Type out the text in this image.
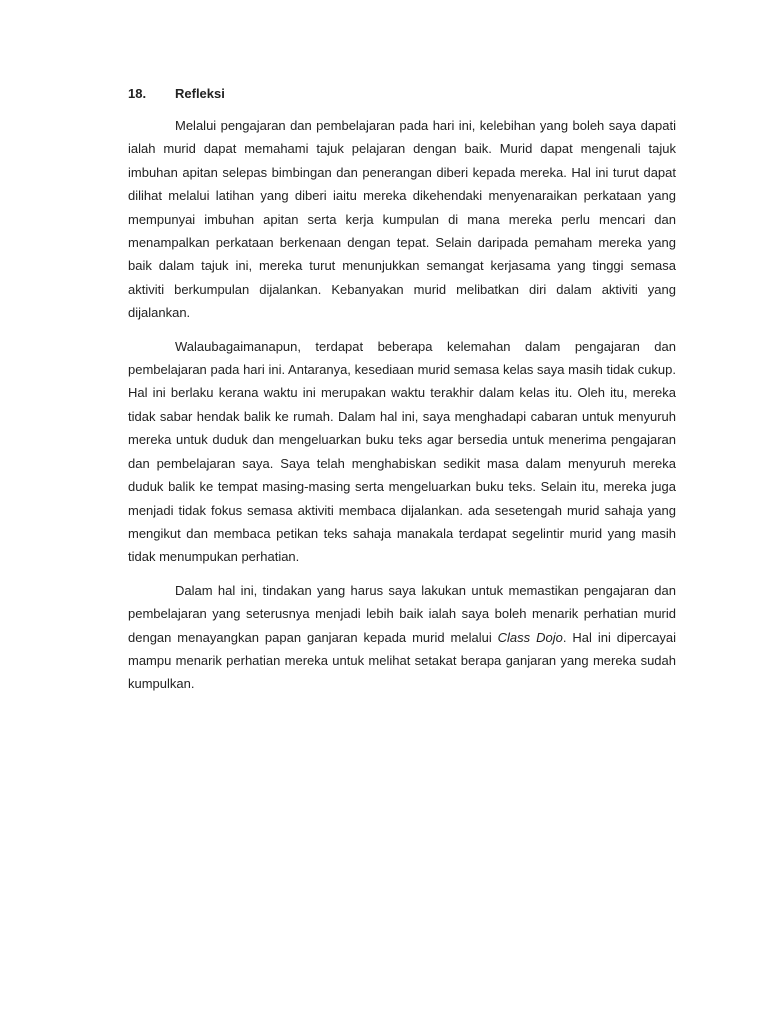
18.	Refleksi

Melalui pengajaran dan pembelajaran pada hari ini, kelebihan yang boleh saya dapati ialah murid dapat memahami tajuk pelajaran dengan baik. Murid dapat mengenali tajuk imbuhan apitan selepas bimbingan dan penerangan diberi kepada mereka. Hal ini turut dapat dilihat melalui latihan yang diberi iaitu mereka dikehendaki menyenaraikan perkataan yang mempunyai imbuhan apitan serta kerja kumpulan di mana mereka perlu mencari dan menampalkan perkataan berkenaan dengan tepat. Selain daripada pemaham mereka yang baik dalam tajuk ini, mereka turut menunjukkan semangat kerjasama yang tinggi semasa aktiviti berkumpulan dijalankan. Kebanyakan murid melibatkan diri dalam aktiviti yang dijalankan.

Walaubagaimanapun, terdapat beberapa kelemahan dalam pengajaran dan pembelajaran pada hari ini. Antaranya, kesediaan murid semasa kelas saya masih tidak cukup. Hal ini berlaku kerana waktu ini merupakan waktu terakhir dalam kelas itu. Oleh itu, mereka tidak sabar hendak balik ke rumah. Dalam hal ini, saya menghadapi cabaran untuk menyuruh mereka untuk duduk dan mengeluarkan buku teks agar bersedia untuk menerima pengajaran dan pembelajaran saya. Saya telah menghabiskan sedikit masa dalam menyuruh mereka duduk balik ke tempat masing-masing serta mengeluarkan buku teks. Selain itu, mereka juga menjadi tidak fokus semasa aktiviti membaca dijalankan. ada sesetengah murid sahaja yang mengikut dan membaca petikan teks sahaja manakala terdapat segelintir murid yang masih tidak menumpukan perhatian.

Dalam hal ini, tindakan yang harus saya lakukan untuk memastikan pengajaran dan pembelajaran yang seterusnya menjadi lebih baik ialah saya boleh menarik perhatian murid dengan menayangkan papan ganjaran kepada murid melalui Class Dojo. Hal ini dipercayai mampu menarik perhatian mereka untuk melihat setakat berapa ganjaran yang mereka sudah kumpulkan.
